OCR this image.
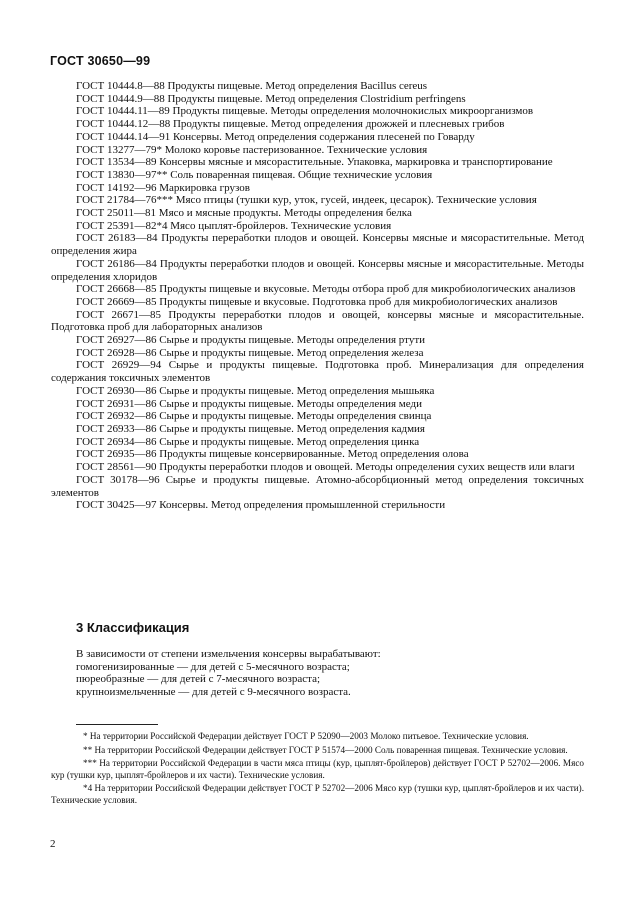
ГОСТ 30650—99

ГОСТ 10444.8—88 Продукты пищевые. Метод определения Bacillus cereus

ГОСТ 10444.9—88 Продукты пищевые. Метод определения Clostridium perfringens

ГОСТ 10444.11—89 Продукты пищевые. Методы определения молочнокислых микроорганизмов

ГОСТ 10444.12—88 Продукты пищевые. Метод определения дрожжей и плесневых грибов

ГОСТ 10444.14—91 Консервы. Метод определения содержания плесеней по Говарду

ГОСТ 13277—79* Молоко коровье пастеризованное. Технические условия

ГОСТ 13534—89 Консервы мясные и мясорастительные. Упаковка, маркировка и транспортирование

ГОСТ 13830—97** Соль поваренная пищевая. Общие технические условия

ГОСТ 14192—96 Маркировка грузов

ГОСТ 21784—76*** Мясо птицы (тушки кур, уток, гусей, индеек, цесарок). Технические условия

ГОСТ 25011—81 Мясо и мясные продукты. Методы определения белка

ГОСТ 25391—82*4 Мясо цыплят-бройлеров. Технические условия

ГОСТ 26183—84 Продукты переработки плодов и овощей. Консервы мясные и мясорастительные. Метод определения жира

ГОСТ 26186—84 Продукты переработки плодов и овощей. Консервы мясные и мясорастительные. Методы определения хлоридов

ГОСТ 26668—85 Продукты пищевые и вкусовые. Методы отбора проб для микробиологических анализов

ГОСТ 26669—85 Продукты пищевые и вкусовые. Подготовка проб для микробиологических анализов

ГОСТ 26671—85 Продукты переработки плодов и овощей, консервы мясные и мясорастительные. Подготовка проб для лабораторных анализов

ГОСТ 26927—86 Сырье и продукты пищевые. Методы определения ртути

ГОСТ 26928—86 Сырье и продукты пищевые. Метод определения железа

ГОСТ 26929—94 Сырье и продукты пищевые. Подготовка проб. Минерализация для определения содержания токсичных элементов

ГОСТ 26930—86 Сырье и продукты пищевые. Метод определения мышьяка

ГОСТ 26931—86 Сырье и продукты пищевые. Методы определения меди

ГОСТ 26932—86 Сырье и продукты пищевые. Методы определения свинца

ГОСТ 26933—86 Сырье и продукты пищевые. Метод определения кадмия

ГОСТ 26934—86 Сырье и продукты пищевые. Метод определения цинка

ГОСТ 26935—86 Продукты пищевые консервированные. Метод определения олова

ГОСТ 28561—90 Продукты переработки плодов и овощей. Методы определения сухих веществ или влаги

ГОСТ 30178—96 Сырье и продукты пищевые. Атомно-абсорбционный метод определения токсичных элементов

ГОСТ 30425—97 Консервы. Метод определения промышленной стерильности

3 Классификация

В зависимости от степени измельчения консервы вырабатывают:

гомогенизированные — для детей с 5-месячного возраста;

пюреобразные — для детей с 7-месячного возраста;

крупноизмельченные — для детей с 9-месячного возраста.

* На территории Российской Федерации действует ГОСТ Р 52090—2003 Молоко питьевое. Технические условия.

** На территории Российской Федерации действует ГОСТ Р 51574—2000 Соль поваренная пищевая. Технические условия.

*** На территории Российской Федерации в части мяса птицы (кур, цыплят-бройлеров) действует ГОСТ Р 52702—2006. Мясо кур (тушки кур, цыплят-бройлеров и их части). Технические условия.

*4 На территории Российской Федерации действует ГОСТ Р 52702—2006 Мясо кур (тушки кур, цыплят-бройлеров и их части). Технические условия.

2
